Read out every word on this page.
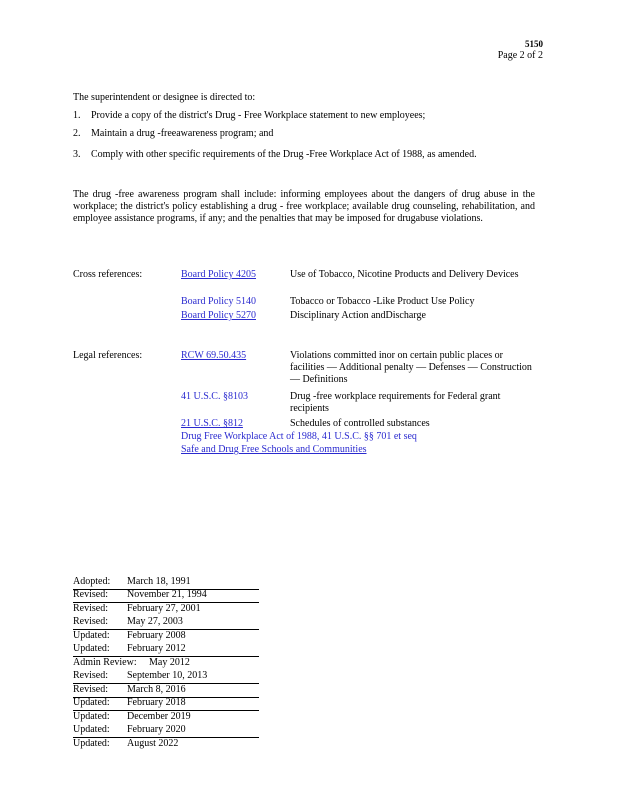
5150
Page 2 of 2
The superintendent or designee is directed to:
1. Provide a copy of the district's Drug - Free Workplace statement to new employees;
2. Maintain a drug -freeawareness program; and
3. Comply with other specific requirements of the Drug -Free Workplace Act of 1988, as amended.
The drug -free awareness program shall include: informing employees about the dangers of drug abuse in the workplace; the district's policy establishing a drug - free workplace; available drug counseling, rehabilitation, and employee assistance programs, if any; and the penalties that may be imposed for drugabuse violations.
Cross references:	Board Policy 4205	Use of Tobacco, Nicotine Products and Delivery Devices
Board Policy 5140	Tobacco or Tobacco -Like Product Use Policy
Board Policy 5270	Disciplinary Action andDischarge
Legal references:	RCW 69.50.435	Violations committed inor on certain public places or facilities — Additional penalty — Defenses — Construction — Definitions
41 U.S.C. §8103	Drug -free workplace requirements for Federal grant recipients
21 U.S.C. §812	Schedules of controlled substances
Drug Free Workplace Act of 1988, 41 U.S.C. §§ 701 et seq
Safe and Drug Free Schools and Communities
Adopted: March 18, 1991
Revised: November 21, 1994
Revised: February 27, 2001
Revised: May 27, 2003
Updated: February 2008
Updated: February 2012
Admin Review: May 2012
Revised: September 10, 2013
Revised: March 8, 2016
Updated: February 2018
Updated: December 2019
Updated: February 2020
Updated: August 2022
